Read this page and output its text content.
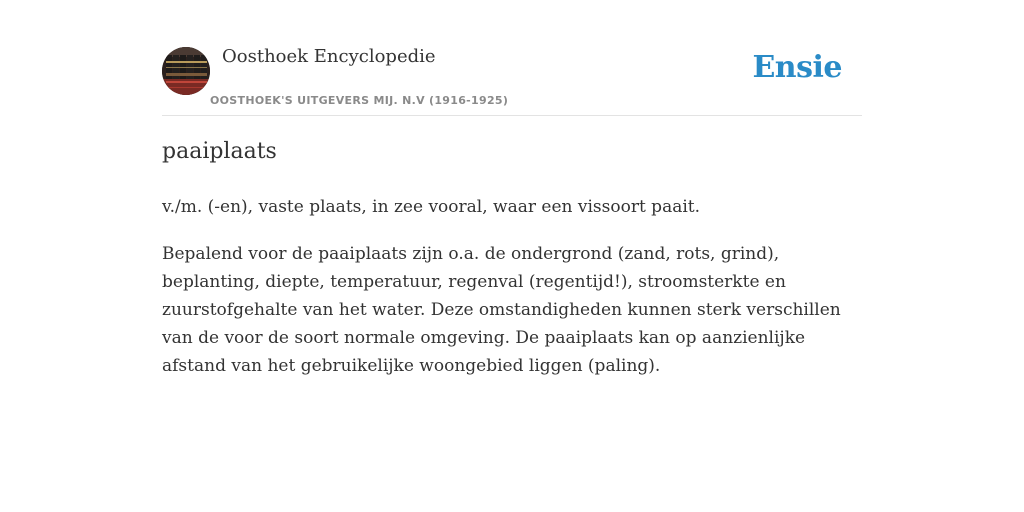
Oosthoek Encyclopedie
OOSTHOEK'S UITGEVERS MIJ. N.V (1916-1925)
Ensie
paaiplaats

v./m. (-en), vaste plaats, in zee vooral, waar een vissoort paait.

Bepalend voor de paaiplaats zijn o.a. de ondergrond (zand, rots, grind), beplanting, diepte, temperatuur, regenval (regentijd!), stroomsterkte en zuurstofgehalte van het water. Deze omstandigheden kunnen sterk verschillen van de voor de soort normale omgeving. De paaiplaats kan op aanzienlijke afstand van het gebruikelijke woongebied liggen (paling).
